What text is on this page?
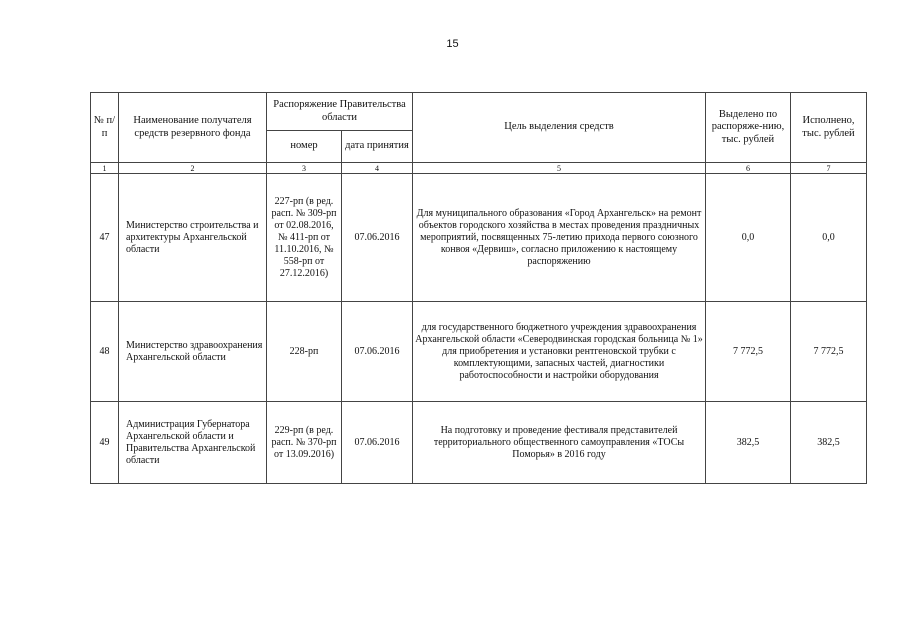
15
№ п/п	Наименование получателя средств резервного фонда	Распоряжение Правительства области		Цель выделения средств	Выделено по распоряже-нию, тыс. рублей	Исполнено, тыс. рублей
		номер	дата принятия			
1	2	3	4	5	6	7
47	Министерство строительства и архитектуры Архангельской области	227-рп (в ред. расп. № 309-рп от 02.08.2016, № 411-рп от 11.10.2016, № 558-рп от 27.12.2016)	07.06.2016	Для муниципального образования «Город Архангельск» на ремонт объектов городского хозяйства в местах проведения праздничных мероприятий, посвященных 75-летию прихода первого союзного конвоя «Дервиш», согласно приложению к настоящему распоряжению	0,0	0,0
48	Министерство здравоохранения Архангельской области	228-рп	07.06.2016	для государственного бюджетного учреждения здравоохранения Архангельской области «Северодвинская городская больница № 1» для приобретения и установки рентгеновской трубки с комплектующими, запасных частей, диагностики работоспособности и настройки оборудования	7 772,5	7 772,5
49	Администрация Губернатора Архангельской области и Правительства Архангельской области	229-рп (в ред. расп. № 370-рп от 13.09.2016)	07.06.2016	На подготовку и проведение фестиваля представителей территориального общественного самоуправления «ТОСы Поморья» в 2016 году	382,5	382,5
